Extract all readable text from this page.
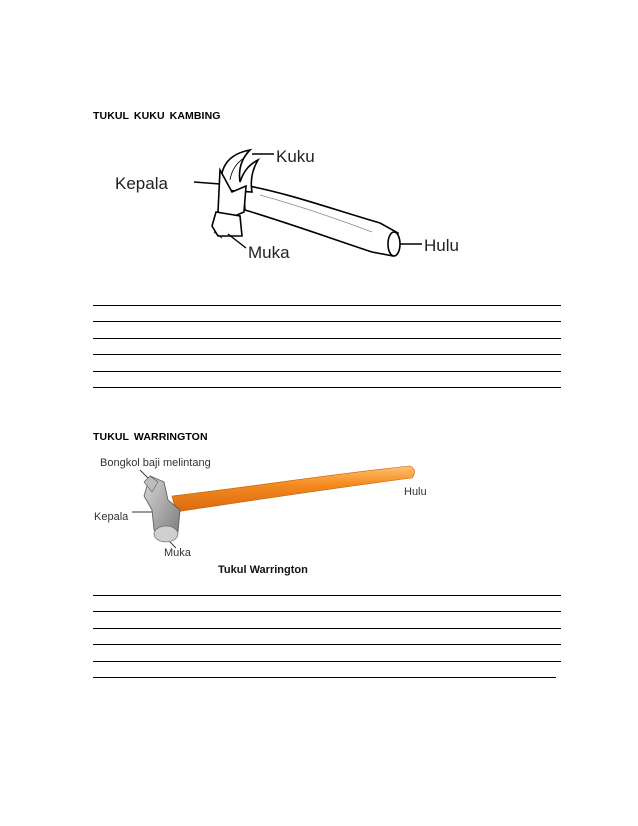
TUKUL KUKU KAMBING
Kuku
Kepala
Muka	Hulu
TUKUL WARRINGTON
Bongkol baji melintang
Kepala
Muka
Hulu
Tukul Warrington
